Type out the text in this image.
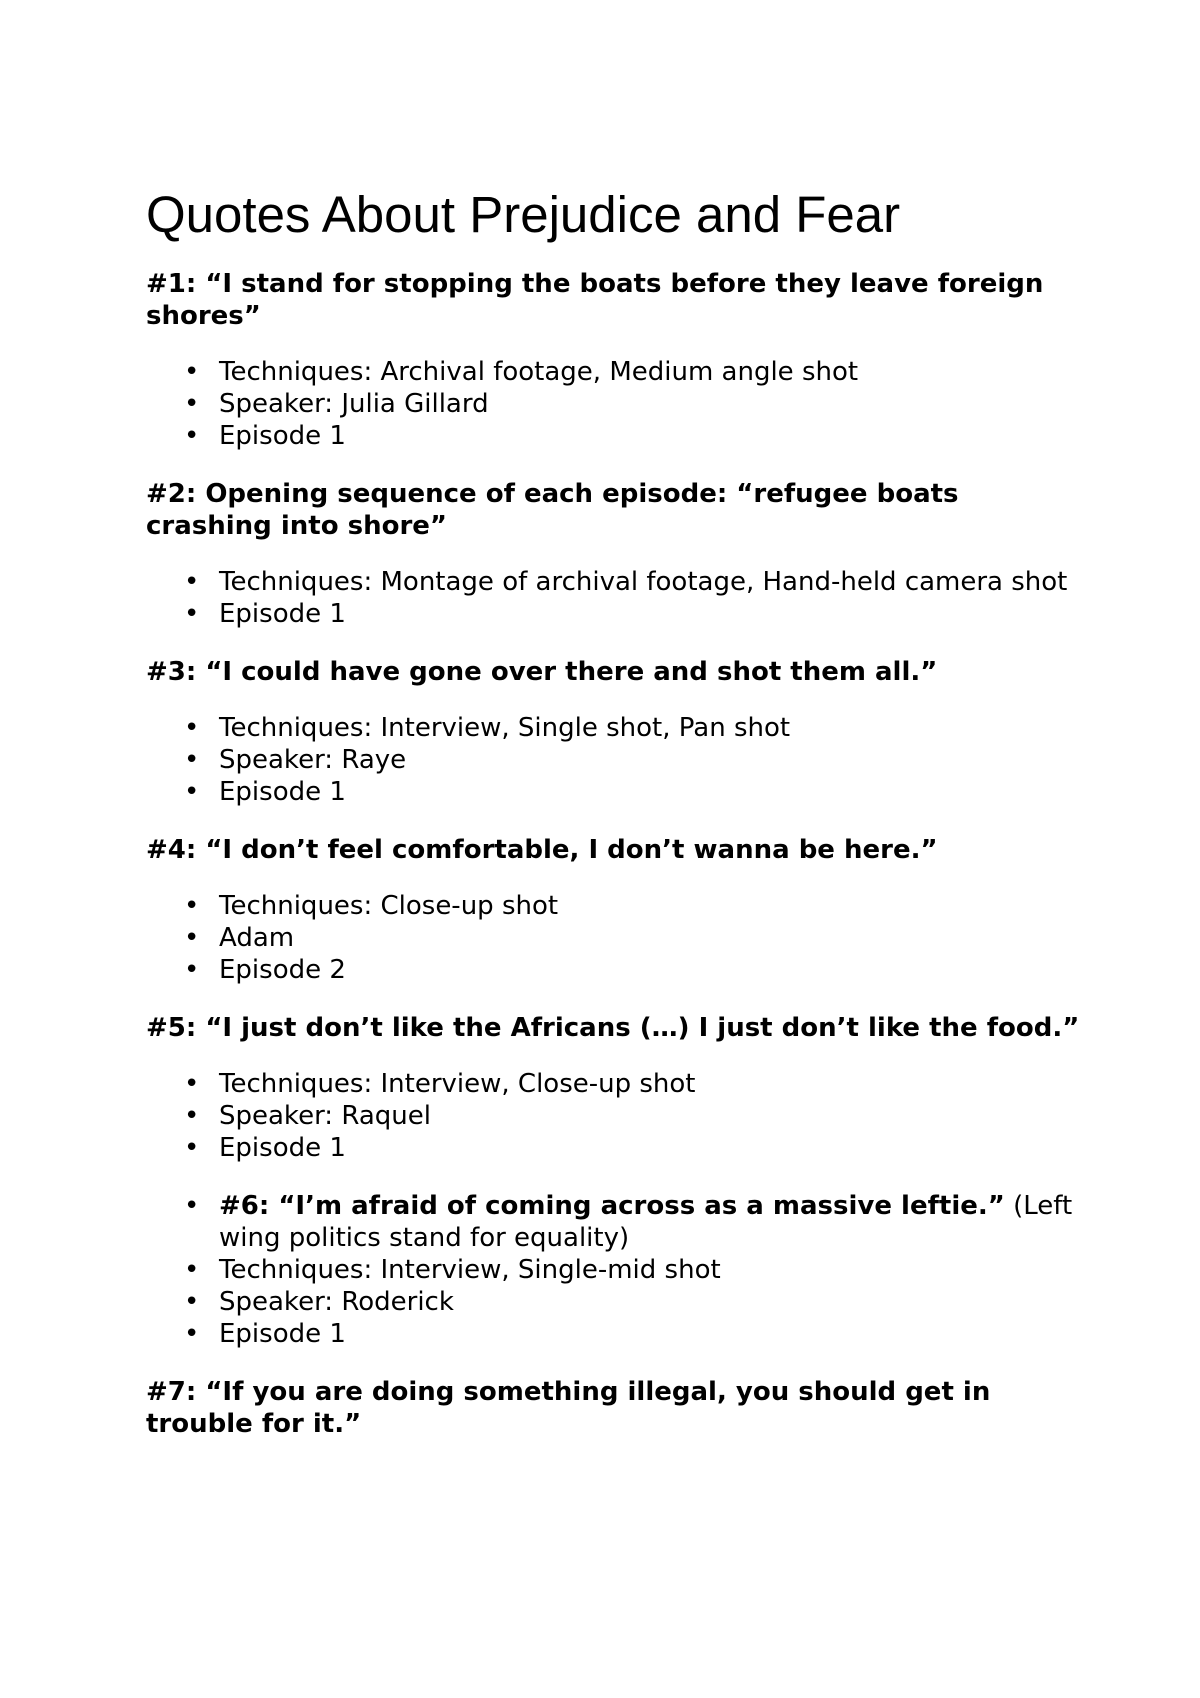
Quotes About Prejudice and Fear
#1: “I stand for stopping the boats before they leave foreign shores”
• Techniques: Archival footage, Medium angle shot
• Speaker: Julia Gillard
• Episode 1
#2: Opening sequence of each episode: “refugee boats crashing into shore”
• Techniques: Montage of archival footage, Hand-held camera shot
• Episode 1
#3: “I could have gone over there and shot them all.”
• Techniques: Interview, Single shot, Pan shot
• Speaker: Raye
• Episode 1
#4: “I don’t feel comfortable, I don’t wanna be here.”
• Techniques: Close-up shot
• Adam
• Episode 2
#5: “I just don’t like the Africans (…) I just don’t like the food.”
• Techniques: Interview, Close-up shot
• Speaker: Raquel
• Episode 1
• #6: “I’m afraid of coming across as a massive leftie.” (Left wing politics stand for equality)
• Techniques: Interview, Single-mid shot
• Speaker: Roderick
• Episode 1
#7: “If you are doing something illegal, you should get in trouble for it.”
